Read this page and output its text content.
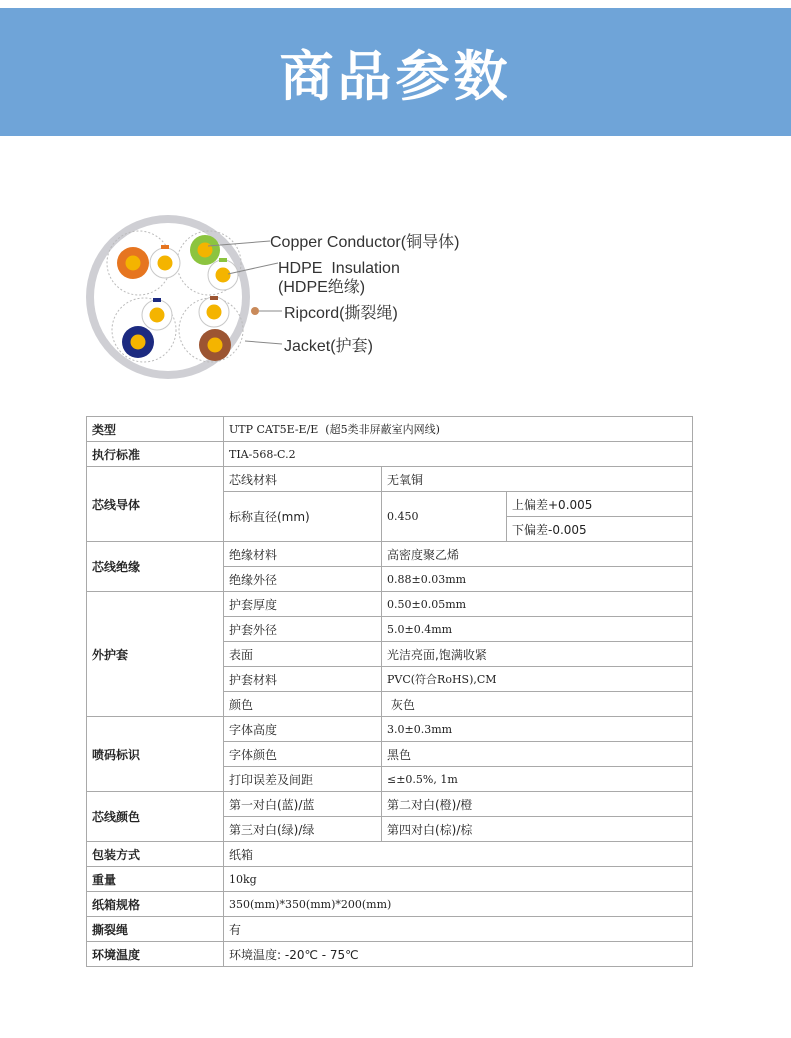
商品参数
Copper Conductor(铜导体)
HDPE  Insulation
(HDPE绝缘)
Ripcord(撕裂绳)
Jacket(护套)
类型	UTP CAT5E-E/E  (超5类非屏蔽室内网线)		
执行标准	TIA-568-C.2		
芯线导体	芯线材料	无氧铜	
	标称直径(mm)	0.450	上偏差+0.005
			下偏差-0.005
芯线绝缘	绝缘材料	高密度聚乙烯	
	绝缘外径	0.88±0.03mm	
外护套	护套厚度	0.50±0.05mm	
	护套外径	5.0±0.4mm	
	表面	光洁亮面,饱满收紧	
	护套材料	PVC(符合RoHS),CM	
	颜色	灰色	
喷码标识	字体高度	3.0±0.3mm	
	字体颜色	黑色	
	打印误差及间距	≤±0.5%, 1m	
芯线颜色	第一对白(蓝)/蓝	第二对白(橙)/橙	
	第三对白(绿)/绿	第四对白(棕)/棕	
包装方式	纸箱		
重量	10kg		
纸箱规格	350(mm)*350(mm)*200(mm)		
撕裂绳	有		
环境温度	环境温度: -20℃ - 75℃		
